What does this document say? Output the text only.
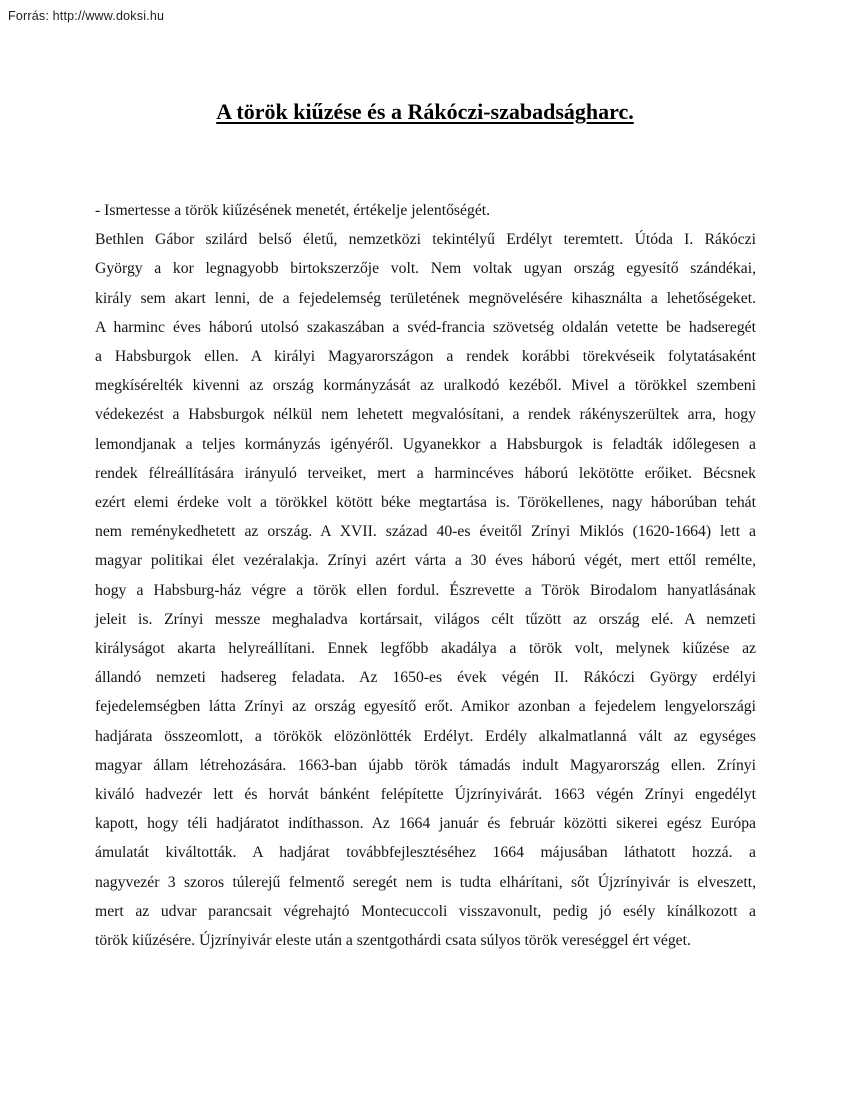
Forrás: http://www.doksi.hu
A török kiűzése és a Rákóczi-szabadságharc.
- Ismertesse a török kiűzésének menetét, értékelje jelentőségét.
Bethlen Gábor szilárd belső életű, nemzetközi tekintélyű Erdélyt teremtett. Útóda I. Rákóczi
György a kor legnagyobb birtokszerzője volt. Nem voltak ugyan ország egyesítő szándékai,
király sem akart lenni, de a fejedelemség területének megnövelésére kihasználta a lehetőségeket.
A harminc éves háború utolsó szakaszában a svéd-francia szövetség oldalán vetette be hadseregét
a Habsburgok ellen. A királyi Magyarországon a rendek korábbi törekvéseik folytatásaként
megkísérelték kivenni az ország kormányzását az uralkodó kezéből. Mivel a törökkel szembeni
védekezést a Habsburgok nélkül nem lehetett megvalósítani, a rendek rákényszerültek arra, hogy
lemondjanak a teljes kormányzás igényéről. Ugyanekkor a Habsburgok is feladták időlegesen a
rendek félreállítására irányuló terveiket, mert a harmincéves háború lekötötte erőiket. Bécsnek
ezért elemi érdeke volt a törökkel kötött béke megtartása is. Törökellenes, nagy háborúban tehát
nem reménykedhetett az ország. A XVII. század 40-es éveitől Zrínyi Miklós (1620-1664) lett a
magyar politikai élet vezéralakja. Zrínyi azért várta a 30 éves háború végét, mert ettől remélte,
hogy a Habsburg-ház végre a török ellen fordul. Észrevette a Török Birodalom hanyatlásának
jeleit is. Zrínyi messze meghaladva kortársait, világos célt tűzött az ország elé. A nemzeti
királyságot akarta helyreállítani. Ennek legfőbb akadálya a török volt, melynek kiűzése az
állandó nemzeti hadsereg feladata. Az 1650-es évek végén II. Rákóczi György erdélyi
fejedelemségben látta Zrínyi az ország egyesítő erőt. Amikor azonban a fejedelem lengyelországi
hadjárata összeomlott, a törökök elözönlötték Erdélyt. Erdély alkalmatlanná vált az egységes
magyar állam létrehozására. 1663-ban újabb török támadás indult Magyarország ellen. Zrínyi
kiváló hadvezér lett és horvát bánként felépítette Újzrínyivárát. 1663 végén Zrínyi engedélyt
kapott, hogy téli hadjáratot indíthasson. Az 1664 január és február közötti sikerei egész Európa
ámulatát kiváltották. A hadjárat továbbfejlesztéséhez 1664 májusában láthatott hozzá. a
nagyvezér 3 szoros túlerejű felmentő seregét nem is tudta elhárítani, sőt Újzrínyivár is elveszett,
mert az udvar parancsait végrehajtó Montecuccoli visszavonult, pedig jó esély kínálkozott a
török kiűzésére. Újzrínyivár eleste után a szentgothárdi csata súlyos török vereséggel ért véget.
